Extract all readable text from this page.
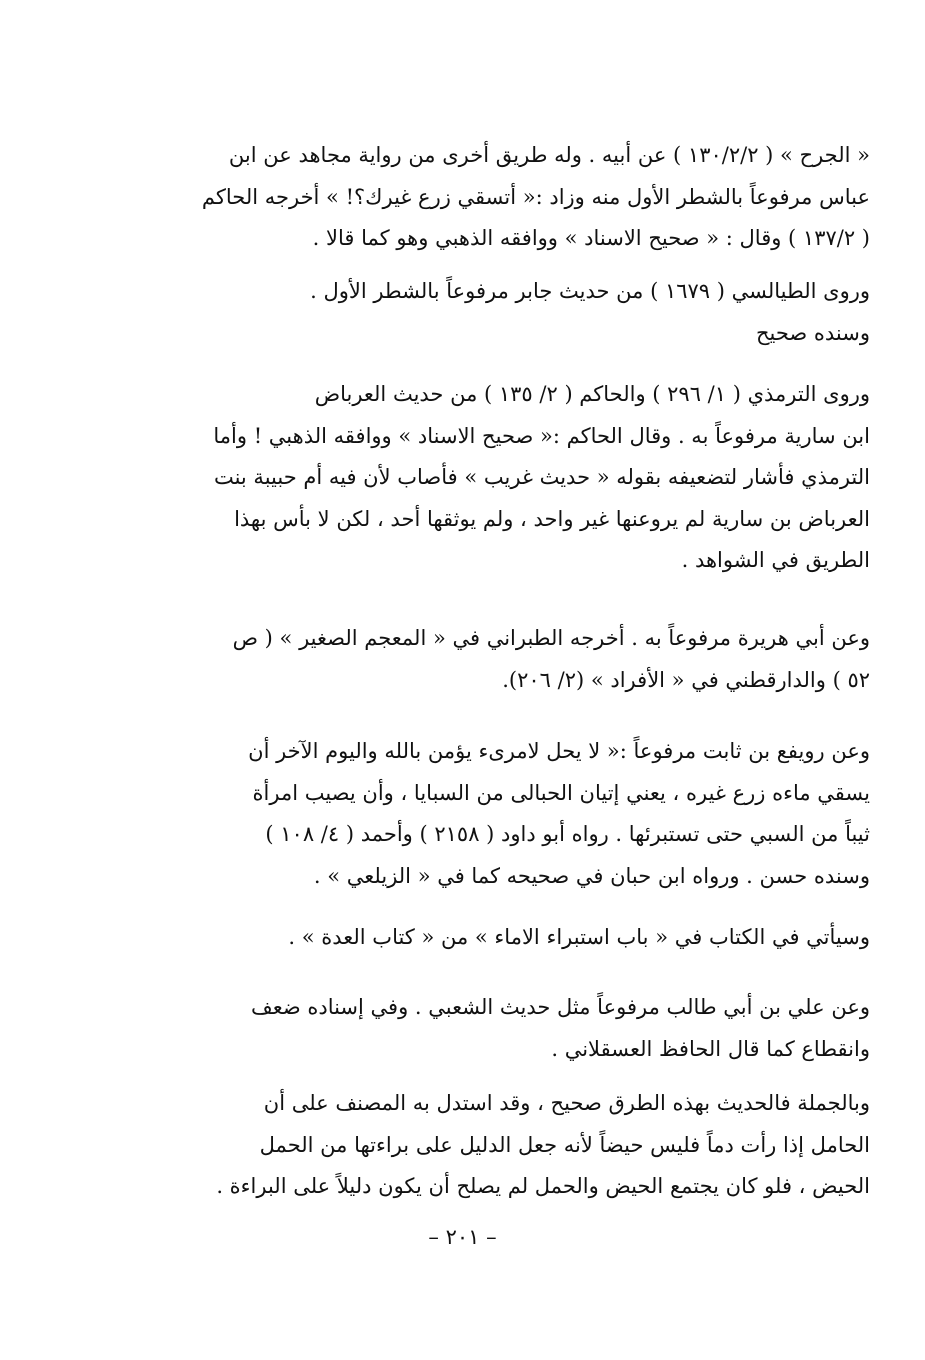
« الجرح » ( ١٣٠/٢/٢ ) عن أبيه . وله طريق أخرى من رواية مجاهد عن ابن
عباس مرفوعاً بالشطر الأول منه وزاد :« أتسقي زرع غيرك؟! » أخرجه الحاكم
( ١٣٧/٢ ) وقال : « صحيح الاسناد » ووافقه الذهبي وهو كما قالا .
وروى الطيالسي ( ١٦٧٩ ) من حديث جابر مرفوعاً بالشطر الأول .
وسنده صحيح
وروى الترمذي ( ١/ ٢٩٦ ) والحاكم ( ٢/ ١٣٥ ) من حديث العرباض
ابن سارية مرفوعاً به . وقال الحاكم :« صحيح الاسناد » ووافقه الذهبي ! وأما
الترمذي فأشار لتضعيفه بقوله « حديث غريب » فأصاب لأن فيه أم حبيبة بنت
العرباض بن سارية لم يروعنها غير واحد ، ولم يوثقها أحد ، لكن لا بأس بهذا
الطريق في الشواهد .
وعن أبي هريرة مرفوعاً به . أخرجه الطبراني في « المعجم الصغير » ( ص
٥٢ ) والدارقطني في « الأفراد » (٢/ ٢٠٦).
وعن رويفع بن ثابت مرفوعاً :« لا يحل لامرىء يؤمن بالله واليوم الآخر أن
يسقي ماءه زرع غيره ، يعني إتيان الحبالى من السبايا ، وأن يصيب امرأة
ثيباً من السبي حتى تستبرئها . رواه أبو داود ( ٢١٥٨ ) وأحمد ( ٤/ ١٠٨ )
وسنده حسن . ورواه ابن حبان في صحيحه كما في « الزيلعي » .
وسيأتي في الكتاب في « باب استبراء الاماء » من « كتاب العدة » .
وعن علي بن أبي طالب مرفوعاً مثل حديث الشعبي . وفي إسناده ضعف
وانقطاع كما قال الحافظ العسقلاني .
وبالجملة فالحديث بهذه الطرق صحيح ، وقد استدل به المصنف على أن
الحامل إذا رأت دماً فليس حيضاً لأنه جعل الدليل على براءتها من الحمل
الحيض ، فلو كان يجتمع الحيض والحمل لم يصلح أن يكون دليلاً على البراءة .
– ٢٠١ –
